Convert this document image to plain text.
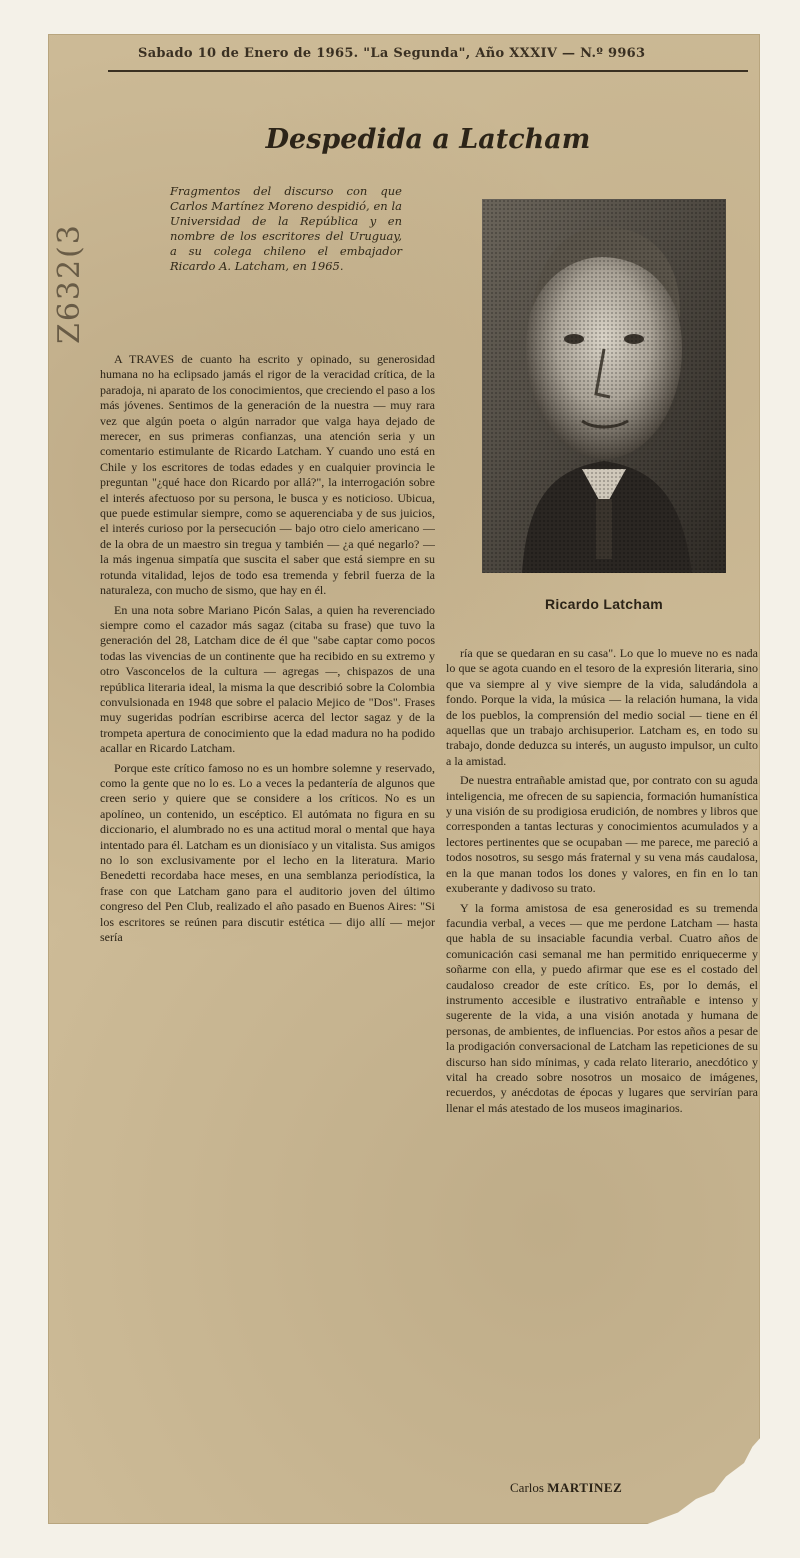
Sabado 10 de Enero de 1965. "La Segunda", Año XXXIV — N.º 9963
Z632(3
Despedida a Latcham
Fragmentos del discurso con que Carlos Martínez Moreno despidió, en la Universidad de la República y en nombre de los escritores del Uruguay, a su colega chileno el embajador Ricardo A. Latcham, en 1965.

A TRAVES de cuanto ha escrito y opinado, su generosidad humana no ha eclipsado jamás el rigor de la veracidad crítica, de la paradoja, ni aparato de los conocimientos, que creciendo el paso a los más jóvenes. Sentimos de la generación de la nuestra — muy rara vez que algún poeta o algún narrador que valga haya dejado de merecer, en sus primeras confianzas, una atención seria y un comentario estimulante de Ricardo Latcham. Y cuando uno está en Chile y los escritores de todas edades y en cualquier provincia le preguntan "¿qué hace don Ricardo por allá?", la interrogación sobre el interés afectuoso por su persona, le busca y es noticioso. Ubicua, que puede estimular siempre, como se aquerenciaba y de sus juicios, el interés curioso por la persecución — bajo otro cielo americano — de la obra de un maestro sin tregua y también — ¿a qué negarlo? — la más ingenua simpatía que suscita el saber que está siempre en su rotunda vitalidad, lejos de todo esa tremenda y febril fuerza de la naturaleza, con mucho de sismo, que hay en él.

En una nota sobre Mariano Picón Salas, a quien ha reverenciado siempre como el cazador más sagaz (citaba su frase) que tuvo la generación del 28, Latcham dice de él que "sabe captar como pocos todas las vivencias de un continente que ha recibido en su extremo y otro Vasconcelos de la cultura — agregas —, chispazos de una república literaria ideal, la misma la que describió sobre la Colombia convulsionada en 1948 que sobre el palacio Mejico de "Dos". Frases muy sugeridas podrían escribirse acerca del lector sagaz y de la trompeta apertura de conocimiento que la edad madura no ha podido acallar en Ricardo Latcham.

Porque este crítico famoso no es un hombre solemne y reservado, como la gente que no lo es. Lo a veces la pedantería de algunos que creen serio y quiere que se considere a los críticos. No es un apolíneo, un contenido, un escéptico. El autómata no figura en su diccionario, el alumbrado no es una actitud moral o mental que haya intentado para él. Latcham es un dionisíaco y un vitalista. Sus amigos no lo son exclusivamente por el lecho en la literatura. Mario Benedetti recordaba hace meses, en una semblanza periodística, la frase con que Latcham gano para el auditorio joven del último congreso del Pen Club, realizado el año pasado en Buenos Aires: "Si los escritores se reúnen para discutir estética — dijo allí — mejor sería

Ricardo Latcham

ría que se quedaran en su casa". Lo que lo mueve no es nada lo que se agota cuando en el tesoro de la expresión literaria, sino que va siempre al y vive siempre de la vida, saludándola a fondo. Porque la vida, la música — la relación humana, la vida de los pueblos, la comprensión del medio social — tiene en él aquellas que un trabajo archisuperior. Latcham es, en todo su trabajo, donde deduzca su interés, un augusto impulsor, un culto a la amistad.

De nuestra entrañable amistad que, por contrato con su aguda inteligencia, me ofrecen de su sapiencia, formación humanística y una visión de su prodigiosa erudición, de nombres y libros que corresponden a tantas lecturas y conocimientos acumulados y a lectores pertinentes que se ocupaban — me parece, me pareció a todos nosotros, su sesgo más fraternal y su vena más caudalosa, en la que manan todos los dones y valores, en fin en lo tan exuberante y dadivoso su trato.

Y la forma amistosa de esa generosidad es su tremenda facundia verbal, a veces — que me perdone Latcham — hasta que habla de su insaciable facundia verbal. Cuatro años de comunicación casi semanal me han permitido enriquecerme y soñarme con ella, y puedo afirmar que ese es el costado del caudaloso creador de este crítico. Es, por lo demás, el instrumento accesible e ilustrativo entrañable e intenso y sugerente de la vida, a una visión anotada y humana de personas, de ambientes, de influencias. Por estos años a pesar de la prodigación conversacional de Latcham las repeticiones de su discurso han sido mínimas, y cada relato literario, anecdótico y vital ha creado sobre nosotros un mosaico de imágenes, recuerdos, y anécdotas de épocas y lugares que servirían para llenar el más atestado de los museos imaginarios.

Carlos MARTINEZ
